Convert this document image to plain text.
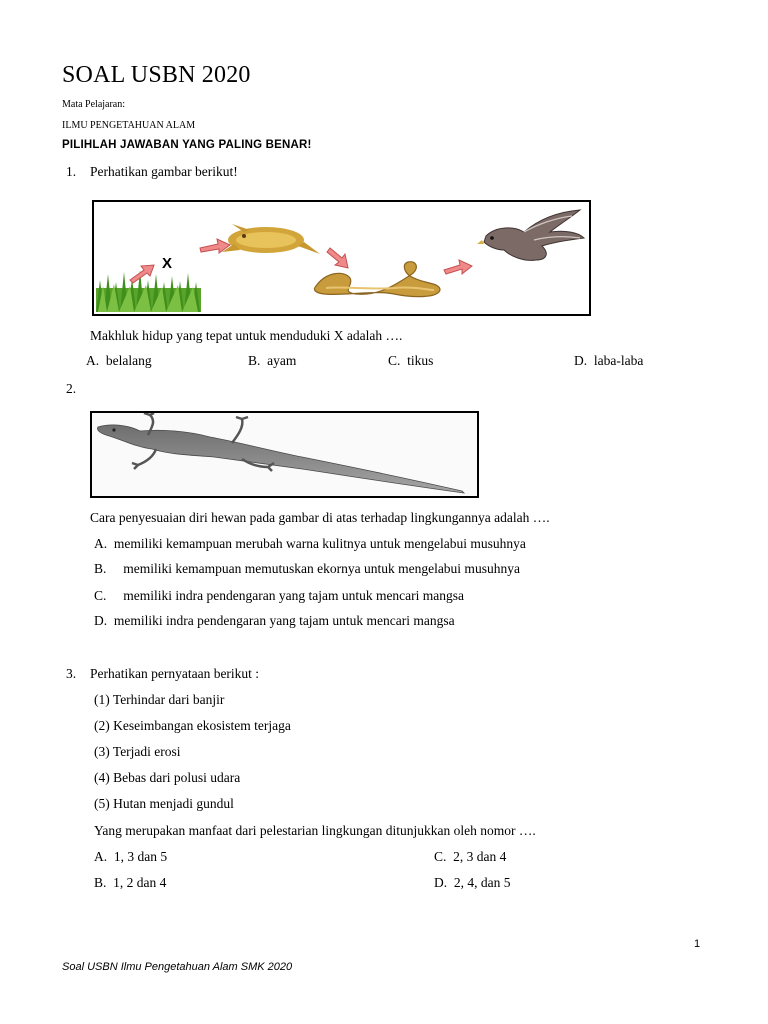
SOAL USBN 2020
Mata Pelajaran:
ILMU PENGETAHUAN ALAM
PILIHLAH JAWABAN YANG PALING BENAR!
1. Perhatikan gambar berikut!
X
Makhluk hidup yang tepat untuk menduduki X adalah ….
A. belalang	B. ayam	C. tikus	D. laba-laba
2.
Cara penyesuaian diri hewan pada gambar di atas terhadap lingkungannya adalah ….
A. memiliki kemampuan merubah warna kulitnya untuk mengelabui musuhnya
B. memiliki kemampuan memutuskan ekornya untuk mengelabui musuhnya
C. memiliki indra pendengaran yang tajam untuk mencari mangsa
D. memiliki indra pendengaran yang tajam untuk mencari mangsa
3. Perhatikan pernyataan berikut :
(1) Terhindar dari banjir
(2) Keseimbangan ekosistem terjaga
(3) Terjadi erosi
(4) Bebas dari polusi udara
(5) Hutan menjadi gundul
Yang merupakan manfaat dari pelestarian lingkungan ditunjukkan oleh nomor ….
A. 1, 3 dan 5	C. 2, 3 dan 4
B. 1, 2 dan 4	D. 2, 4, dan 5
1
Soal USBN Ilmu Pengetahuan Alam SMK 2020
